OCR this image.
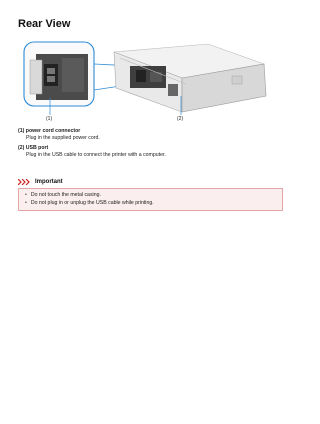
Rear View
(1)	(2)
(1) power cord connector
Plug in the supplied power cord.
(2) USB port
Plug in the USB cable to connect the printer with a computer.
Important
• Do not touch the metal casing.
• Do not plug in or unplug the USB cable while printing.
